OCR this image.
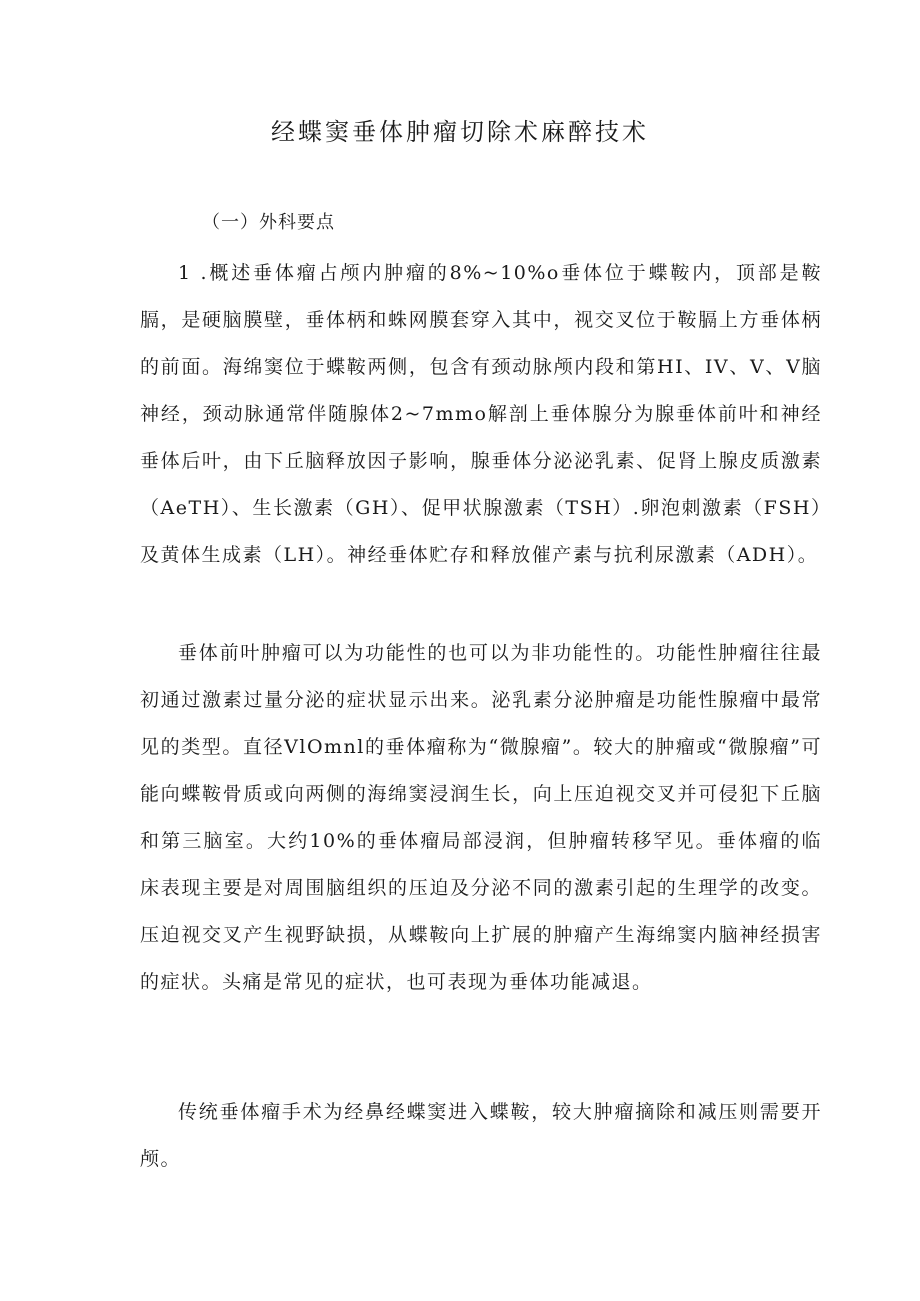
经蝶窦垂体肿瘤切除术麻醉技术
（一）外科要点

1 .概述垂体瘤占颅内肿瘤的8%~10%o垂体位于蝶鞍内，顶部是鞍膈，是硬脑膜壁，垂体柄和蛛网膜套穿入其中，视交叉位于鞍膈上方垂体柄的前面。海绵窦位于蝶鞍两侧，包含有颈动脉颅内段和第HI、IV、V、V脑神经，颈动脉通常伴随腺体2~7mmo解剖上垂体腺分为腺垂体前叶和神经垂体后叶，由下丘脑释放因子影响，腺垂体分泌泌乳素、促肾上腺皮质激素（AeTH）、生长激素（GH）、促甲状腺激素（TSH）.卵泡刺激素（FSH）及黄体生成素（LH）。神经垂体贮存和释放催产素与抗利尿激素（ADH）。

垂体前叶肿瘤可以为功能性的也可以为非功能性的。功能性肿瘤往往最初通过激素过量分泌的症状显示出来。泌乳素分泌肿瘤是功能性腺瘤中最常见的类型。直径VlOmnl的垂体瘤称为“微腺瘤”。较大的肿瘤或“微腺瘤”可能向蝶鞍骨质或向两侧的海绵窦浸润生长，向上压迫视交叉并可侵犯下丘脑和第三脑室。大约10%的垂体瘤局部浸润，但肿瘤转移罕见。垂体瘤的临床表现主要是对周围脑组织的压迫及分泌不同的激素引起的生理学的改变。压迫视交叉产生视野缺损，从蝶鞍向上扩展的肿瘤产生海绵窦内脑神经损害的症状。头痛是常见的症状，也可表现为垂体功能减退。

传统垂体瘤手术为经鼻经蝶窦进入蝶鞍，较大肿瘤摘除和减压则需要开颅。
